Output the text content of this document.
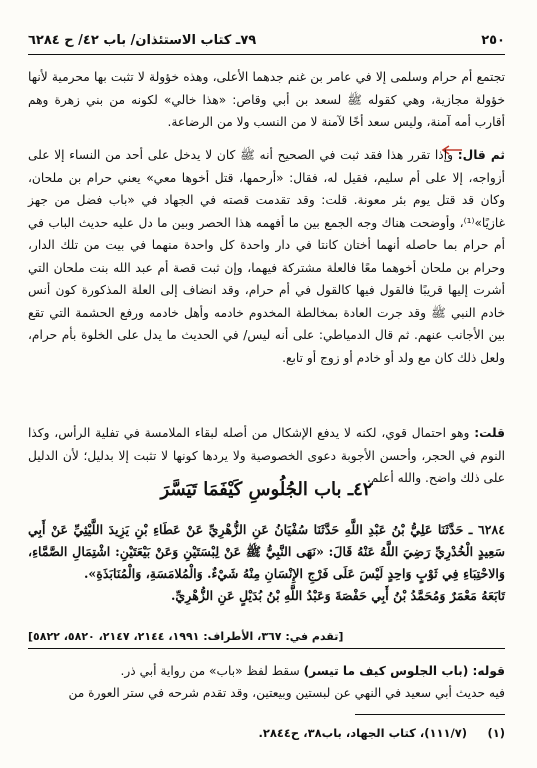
٢٥٠
٧٩ـ كتاب الاستئذان/ باب ٤٢/ ح ٦٢٨٤

تجتمع أم حرام وسلمى إلا في عامر بن غنم جدهما الأعلى، وهذه خؤولة لا تثبت بها محرمية لأنها خؤولة مجازية، وهي كقوله ﷺ لسعد بن أبي وقاص: «هذا خالي» لكونه من بني زهرة وهم أقارب أمه آمنة، وليس سعد أخًا لآمنة لا من النسب ولا من الرضاعة.

ثم قال: وإذا تقرر هذا فقد ثبت في الصحيح أنه ﷺ كان لا يدخل على أحد من النساء إلا على أزواجه، إلا على أم سليم، فقيل له، فقال: «أرحمها، قتل أخوها معي» يعني حرام بن ملحان، وكان قد قتل يوم بئر معونة. قلت: وقد تقدمت قصته في الجهاد في «باب فضل من جهز غازيًا»⁽¹⁾، وأوضحت هناك وجه الجمع بين ما أفهمه هذا الحصر وبين ما دل عليه حديث الباب في أم حرام بما حاصله أنهما أختان كانتا في دار واحدة كل واحدة منهما في بيت من تلك الدار، وحرام بن ملحان أخوهما معًا فالعلة مشتركة فيهما، وإن ثبت قصة أم عبد الله بنت ملحان التي أشرت إليها قريبًا فالقول فيها كالقول في أم حرام، وقد انضاف إلى العلة المذكورة كون أنس خادم النبي ﷺ وقد جرت العادة بمخالطة المخدوم خادمه وأهل خادمه ورفع الحشمة التي تقع بين الأجانب عنهم. ثم قال الدمياطي: على أنه ليس/ في الحديث ما يدل على الخلوة بأم حرام، ولعل ذلك كان مع ولد أو خادم أو زوج أو تابع.

قلت: وهو احتمال قوي، لكنه لا يدفع الإشكال من أصله لبقاء الملامسة في تفلية الرأس، وكذا النوم في الحجر، وأحسن الأجوبة دعوى الخصوصية ولا يردها كونها لا تثبت إلا بدليل؛ لأن الدليل على ذلك واضح. والله أعلم.

٤٢ـ باب الجُلُوسِ كَيْفَمَا تَيَسَّرَ

٦٢٨٤ ـ حَدَّثَنَا عَلِيُّ بْنُ عَبْدِ اللَّهِ حَدَّثَنَا سُفْيَانُ عَنِ الزُّهْرِيِّ عَنْ عَطَاءِ بْنِ يَزِيدَ اللَّيْثِيِّ عَنْ أَبِي سَعِيدٍ الْخُدْرِيِّ رَضِيَ اللَّهُ عَنْهُ قَالَ: «نَهَى النَّبِيُّ ﷺ عَنْ لِبْسَتَيْنِ وَعَنْ بَيْعَتَيْنِ: اشْتِمَالِ الصَّمَّاءِ، وَالاحْتِبَاءِ فِي ثَوْبٍ وَاحِدٍ لَيْسَ عَلَى فَرْجِ الإِنْسَانِ مِنْهُ شَيْءٌ. وَالْمُلامَسَةِ، وَالْمُنَابَذَةِ».

تَابَعَهُ مَعْمَرٌ وَمُحَمَّدُ بْنُ أَبِي حَفْصَةَ وَعَبْدُ اللَّهِ بْنُ بُدَيْلٍ عَنِ الزُّهْرِيِّ.

[تقدم في: ٣٦٧، الأطراف: ١٩٩١، ٢١٤٤، ٢١٤٧، ٥٨٢٠، ٥٨٢٢]

قوله: (باب الجلوس كيف ما تيسر) سقط لفظ «باب» من رواية أبي ذر.

فيه حديث أبي سعيد في النهي عن لبستين وبيعتين، وقد تقدم شرحه في ستر العورة من

(١)
(١١١/٧)، كتاب الجهاد، باب٣٨، ح٢٨٤٤.
